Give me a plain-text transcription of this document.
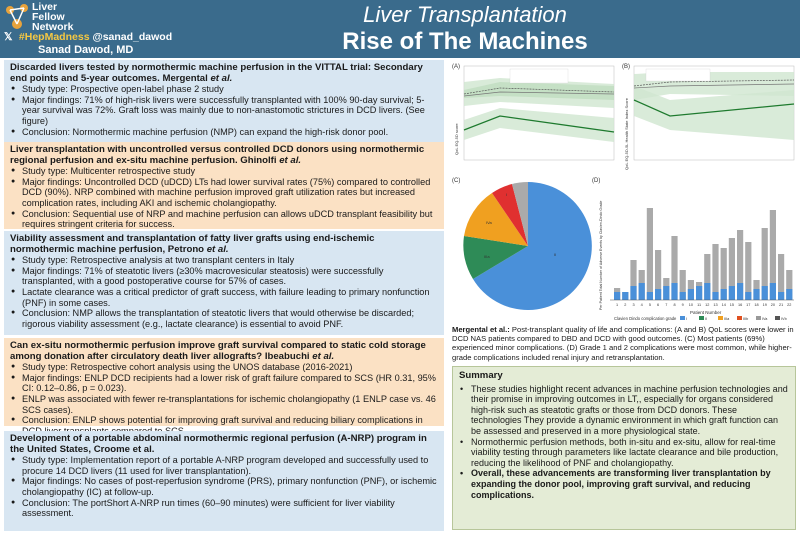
Liver
Fellow
Network
𝕏 #HepMadness @sanad_dawod
Sanad Dawod, MD
Liver Transplantation
Rise of The Machines
Discarded livers tested by normothermic machine perfusion in the VITTAL trial: Secondary end points and 5-year outcomes. Mergental et al.
● Study type: Prospective open-label phase 2 study
● Major findings: 71% of high-risk livers were successfully transplanted with 100% 90-day survival; 5-year survival was 72%. Graft loss was mainly due to non-anastomotic strictures in DCD livers. (See figure)
● Conclusion: Normothermic machine perfusion (NMP) can expand the high-risk donor pool.
Liver transplantation with uncontrolled versus controlled DCD donors using normothermic regional perfusion and ex-situ machine perfusion. Ghinolfi et al.
● Study type: Multicenter retrospective study
● Major findings: Uncontrolled DCD (uDCD) LTs had lower survival rates (75%) compared to controlled DCD (90%). NRP combined with machine perfusion improved graft utilization rates but increased complication rates, including AKI and ischemic cholangiopathy.
● Conclusion: Sequential use of NRP and machine perfusion can allows uDCD transplant feasibility but requires stringent criteria for success.
Viability assessment and transplantation of fatty liver grafts using end-ischemic normothermic machine perfusion, Petrono et al.
● Study type: Retrospective analysis at two transplant centers in Italy
● Major findings: 71% of steatotic livers (≥30% macrovesicular steatosis) were successfully transplanted, with a good postoperative course for 57% of cases.
● Lactate clearance was a critical predictor of graft success, with failure leading to primary nonfunction (PNF) in some cases.
● Conclusion: NMP allows the transplantation of steatotic livers that would otherwise be discarded; rigorous viability assessment (e.g., lactate clearance) is essential to avoid PNF.
Can ex-situ normothermic perfusion improve graft survival compared to static cold storage among donation after circulatory death liver allografts? Ibeabuchi et al.
● Study type: Retrospective cohort analysis using the UNOS database (2016-2021)
● Major findings: ENLP DCD recipients had a lower risk of graft failure compared to SCS (HR 0.31, 95% CI: 0.12–0.86, p = 0.023).
● ENLP was associated with fewer re-transplantations for ischemic cholangiopathy (1 ENLP case vs. 46 SCS cases).
● Conclusion: ENLP shows potential for improving graft survival and reducing biliary complications in
Development of a portable abdominal normothermic regional perfusion (A-NRP) program in the United States, Croome et al.
● Study type: Implementation report of a portable A-NRP program developed and successfully used to procure 14 DCD livers (11 used for liver transplantation).
● Major findings: No cases of post-reperfusion syndrome (PRS), primary nonfunction (PNF), or ischemic cholangiopathy (IC) at follow-up.
● Conclusion: The portShort A-NRP run times (60–90 minutes) were sufficient for liver viability assessment.
(A)
QoL EQ-5D score
(B)
QoL EQ-5D-5L Health State Index Score
(C)
II
IIIa
IVa
I
(D)
Per Patient Total Number of Adverse Events by Clavien-Dindo Grade	1 2 3 4 5 6 7 8 9 10 11 12 13 14 15 16 17 18 19 20 21 22
Patient Number
Clavien Dindo complication grade	I	II	IIIa	IIIb	IVa	IVb
Mergental et al.: Post-transplant quality of life and complications: (A and B) QoL scores were lower in DCD NAS patients compared to DBD and DCD with good outcomes. (C) Most patients (69%) experienced minor complications. (D) Grade 1 and 2 complications were most common, while higher-grade complications included renal injury and retransplantation.
Summary
• These studies highlight recent advances in machine perfusion technologies and their promise in improving outcomes in LT,, especially for organs considered high-risk such as steatotic grafts or those from DCD donors. These technologies They provide a dynamic environment in which graft function can be assessed and preserved in a more physiological state.
• Normothermic perfusion methods, both in-situ and ex-situ, allow for real-time viability testing through parameters like lactate clearance and bile production, reducing the likelihood of PNF and cholangiopathy.
• Overall, these advancements are transforming liver transplantation by expanding the donor pool, improving graft survival, and reducing complications.
